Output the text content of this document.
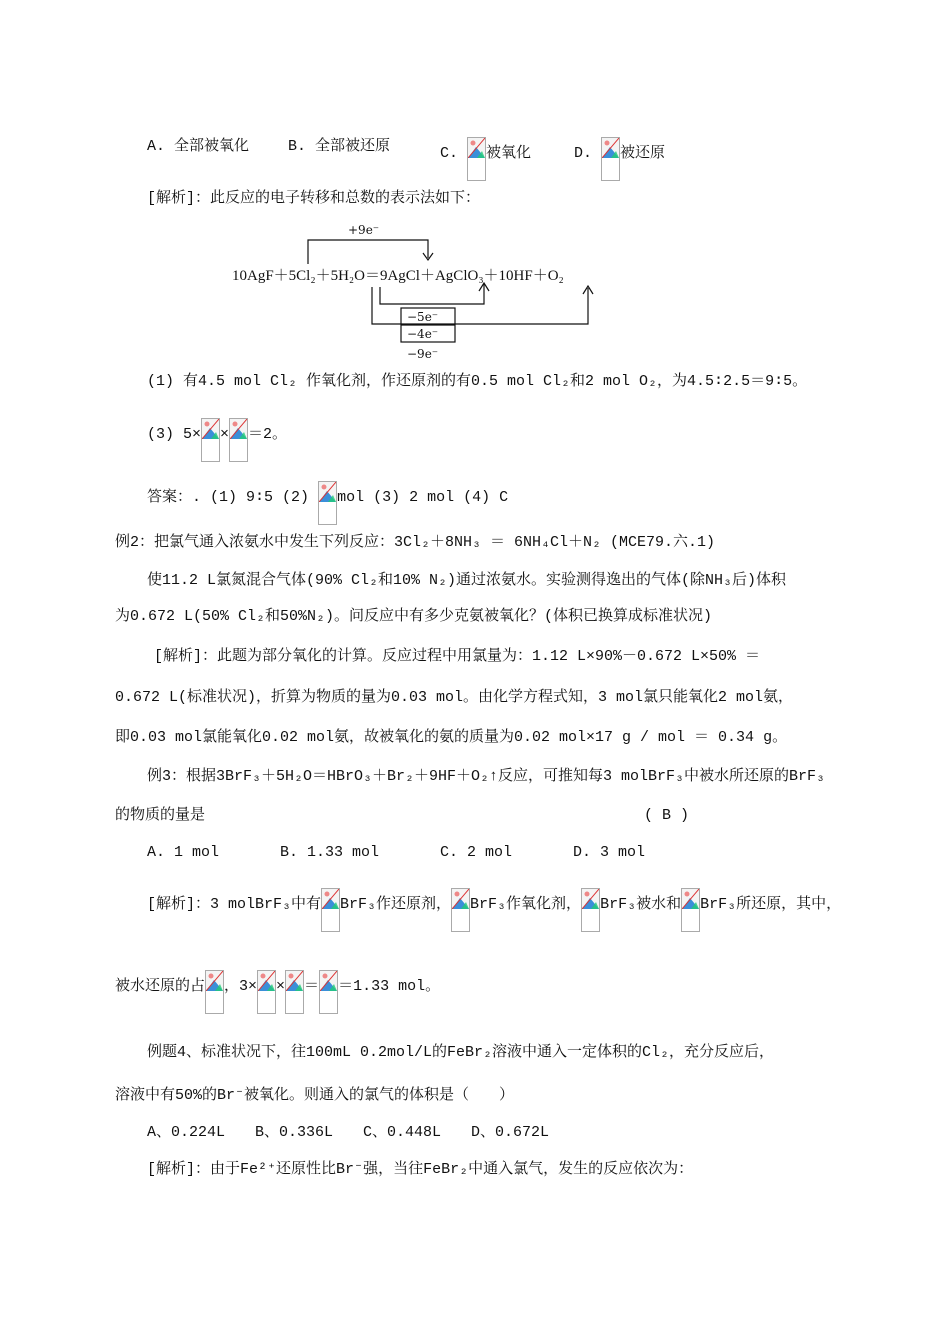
A. 全部被氧化	B. 全部被还原	C. 被氧化	D. 被还原
[解析]：此反应的电子转移和总数的表示法如下：
+9e⁻
10AgF＋5Cl₂＋5H₂O＝9AgCl＋AgClO₃＋10HF＋O₂
−5e⁻
−4e⁻
−9e⁻
(1) 有4.5 mol Cl₂ 作氧化剂，作还原剂的有0.5 mol Cl₂和2 mol O₂，为4.5∶2.5＝9∶5。
(3) 5× × ＝2。
答案：. (1) 9∶5 (2)
mol (3) 2 mol (4) C
例2：把氯气通入浓氨水中发生下列反应：3Cl₂＋8NH₃ ＝ 6NH₄Cl＋N₂ (MCE79.六.1)
使11.2 L氯氮混合气体(90% Cl₂和10% N₂)通过浓氨水。实验测得逸出的气体(除NH₃后)体积
为0.672 L(50% Cl₂和50%N₂)。问反应中有多少克氨被氧化？(体积已换算成标准状况)
[解析]：此题为部分氧化的计算。反应过程中用氯量为：1.12 L×90%－0.672 L×50% ＝
0.672 L(标准状况)，折算为物质的量为0.03 mol。由化学方程式知，3 mol氯只能氧化2 mol氨，
即0.03 mol氯能氧化0.02 mol氨，故被氧化的氨的质量为0.02 mol×17 g / mol ＝ 0.34 g。
例3：根据3BrF₃＋5H₂O＝HBrO₃＋Br₂＋9HF＋O₂↑反应，可推知每3 molBrF₃中被水所还原的BrF₃
的物质的量是	( B )
A. 1 mol	B. 1.33 mol	C. 2 mol	D. 3 mol
[解析]：3 molBrF₃中有 BrF₃作还原剂， BrF₃作氧化剂， BrF₃被水和 BrF₃所还原，其中，
被水还原的占 ，3× × ＝ ＝1.33 mol。
例题4、标准状况下，往100mL 0.2mol/L的FeBr₂溶液中通入一定体积的Cl₂，充分反应后，
溶液中有50%的Br⁻被氧化。则通入的氯气的体积是（　　）
A、0.224L　　B、0.336L　　C、0.448L　　D、0.672L
[解析]：由于Fe²⁺还原性比Br⁻强，当往FeBr₂中通入氯气，发生的反应依次为：
